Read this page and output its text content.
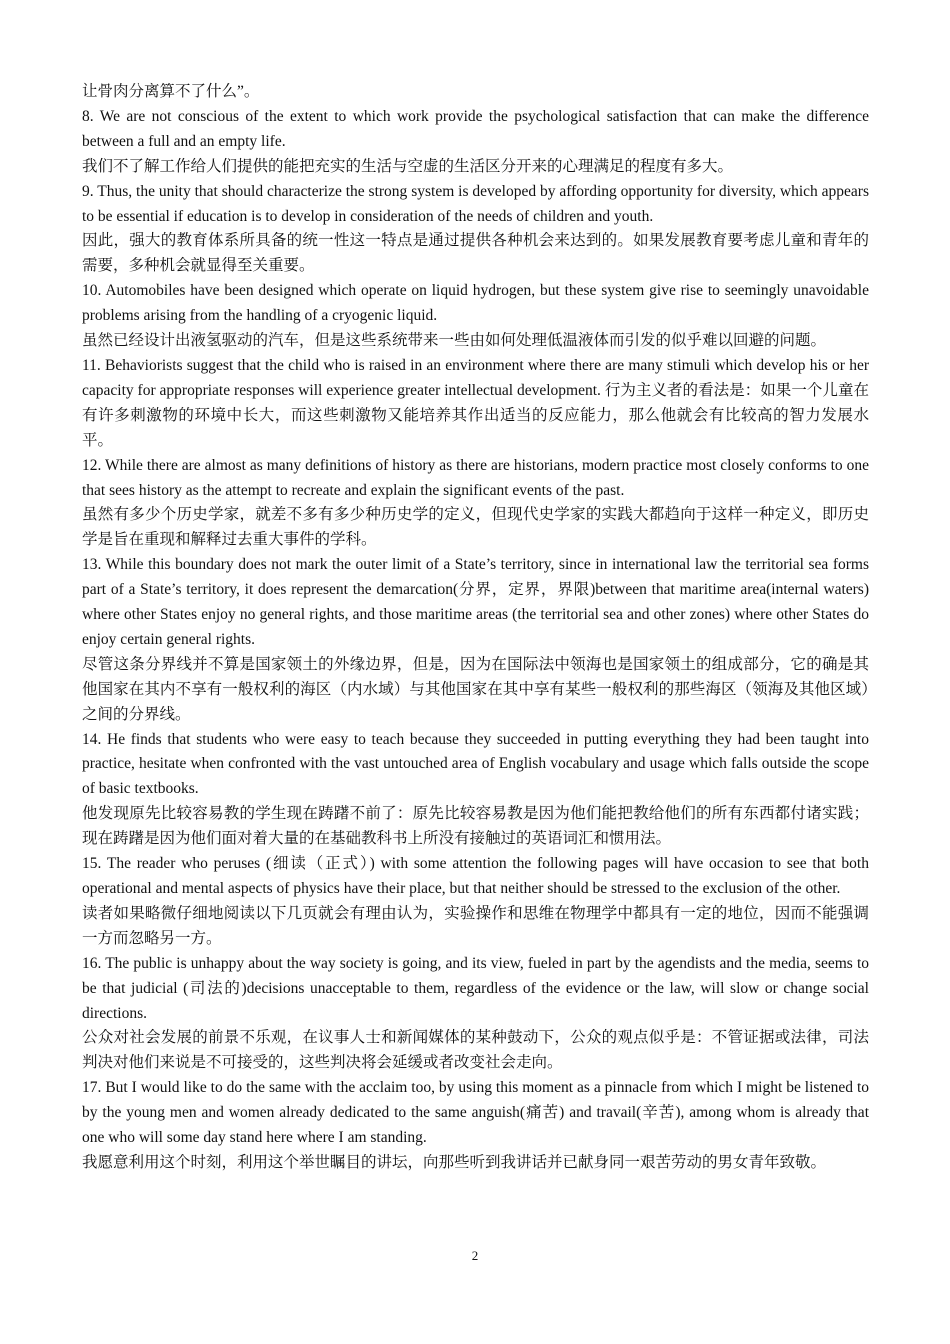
让骨肉分离算不了什么”。

8. We are not conscious of the extent to which work provide the psychological satisfaction that can make the difference between a full and an empty life.

我们不了解工作给人们提供的能把充实的生活与空虚的生活区分开来的心理满足的程度有多大。

9. Thus, the unity that should characterize the strong system is developed by affording opportunity for diversity, which appears to be essential if education is to develop in consideration of the needs of children and youth.

因此，强大的教育体系所具备的统一性这一特点是通过提供各种机会来达到的。如果发展教育要考虑儿童和青年的需要，多种机会就显得至关重要。

10. Automobiles have been designed which operate on liquid hydrogen, but these system give rise to seemingly unavoidable problems arising from the handling of a cryogenic liquid.

虽然已经设计出液氢驱动的汽车，但是这些系统带来一些由如何处理低温液体而引发的似乎难以回避的问题。

11. Behaviorists suggest that the child who is raised in an environment where there are many stimuli which develop his or her capacity for appropriate responses will experience greater intellectual development. 行为主义者的看法是：如果一个儿童在有许多刺激物的环境中长大，而这些刺激物又能培养其作出适当的反应能力，那么他就会有比较高的智力发展水平。

12. While there are almost as many definitions of history as there are historians, modern practice most closely conforms to one that sees history as the attempt to recreate and explain the significant events of the past.

虽然有多少个历史学家，就差不多有多少种历史学的定义，但现代史学家的实践大都趋向于这样一种定义，即历史学是旨在重现和解释过去重大事件的学科。

13. While this boundary does not mark the outer limit of a State’s territory, since in international law the territorial sea forms part of a State’s territory, it does represent the demarcation(分界，定界，界限)between that maritime area(internal waters) where other States enjoy no general rights, and those maritime areas (the territorial sea and other zones) where other States do enjoy certain general rights.

尽管这条分界线并不算是国家领土的外缘边界，但是，因为在国际法中领海也是国家领土的组成部分，它的确是其他国家在其内不享有一般权利的海区（内水域）与其他国家在其中享有某些一般权利的那些海区（领海及其他区域）之间的分界线。

14. He finds that students who were easy to teach because they succeeded in putting everything they had been taught into practice, hesitate when confronted with the vast untouched area of English vocabulary and usage which falls outside the scope of basic textbooks.

他发现原先比较容易教的学生现在踌躇不前了：原先比较容易教是因为他们能把教给他们的所有东西都付诸实践；现在踌躇是因为他们面对着大量的在基础教科书上所没有接触过的英语词汇和惯用法。

15. The reader who peruses (细读（正式）) with some attention the following pages will have occasion to see that both operational and mental aspects of physics have their place, but that neither should be stressed to the exclusion of the other.

读者如果略微仔细地阅读以下几页就会有理由认为，实验操作和思维在物理学中都具有一定的地位，因而不能强调一方而忽略另一方。

16. The public is unhappy about the way society is going, and its view, fueled in part by the agendists and the media, seems to be that judicial (司法的)decisions unacceptable to them, regardless of the evidence or the law, will slow or change social directions.

公众对社会发展的前景不乐观，在议事人士和新闻媒体的某种鼓动下，公众的观点似乎是：不管证据或法律，司法判决对他们来说是不可接受的，这些判决将会延缓或者改变社会走向。

17. But I would like to do the same with the acclaim too, by using this moment as a pinnacle from which I might be listened to by the young men and women already dedicated to the same anguish(痛苦) and travail(辛苦), among whom is already that one who will some day stand here where I am standing.

我愿意利用这个时刻，利用这个举世瞩目的讲坛，向那些听到我讲话并已献身同一艰苦劳动的男女青年致敬。

2
